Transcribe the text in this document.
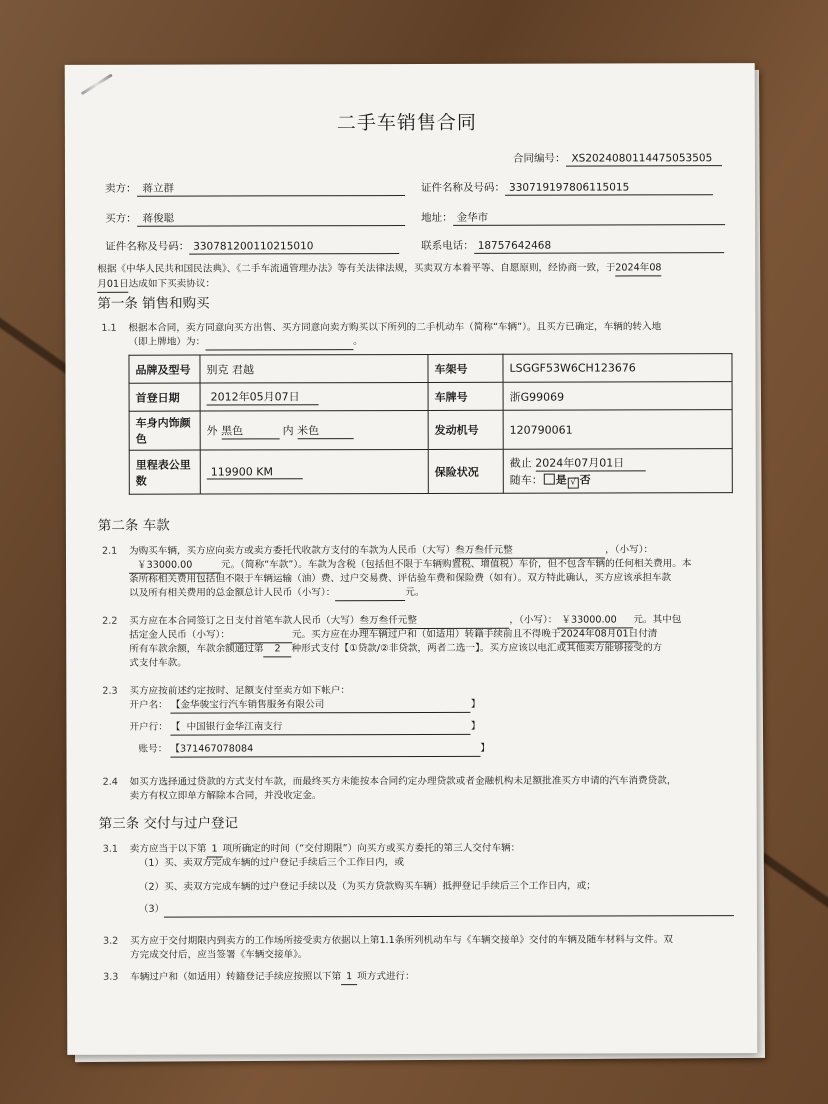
二手车销售合同
合同编号： XS2024080114475053505
卖方： 蒋立群	证件名称及号码： 330719197806115015
买方： 蒋俊聪	地址： 金华市
证件名称及号码： 330781200110215010	联系电话： 18757642468
根据《中华人民共和国民法典》、《二手车流通管理办法》等有关法律法规，买卖双方本着平等、自愿原则，经协商一致，于2024年08
月01日达成如下买卖协议：
第一条 销售和购买
1.1 根据本合同，卖方同意向买方出售、买方同意向卖方购买以下所列的二手机动车（简称“车辆”）。且买方已确定，车辆的转入地
（即上牌地）为：	。
品牌及型号	别克 君越	车架号	LSGGF53W6CH123676
首登日期	2012年05月07日	车牌号	浙G99069
车身内饰颜
色	外 黑色 内 米色	发动机号	120790061
里程表公里
数	119900 KM	保险状况	截止 2024年07月01日
随车： 是 √ 否
第二条 车款
2.1 为购买车辆，买方应向卖方或卖方委托代收款方支付的车款为人民币（大写）叁万叁仟元整	，（小写）：
￥33000.00	元。（简称“车款”）。车款为含税（包括但不限于车辆购置税、增值税）车价，但不包含车辆的任何相关费用。本
条所称相关费用包括但不限于车辆运输（油）费、过户交易费、评估验车费和保险费（如有）。双方特此确认，买方应该承担车款
以及所有相关费用的总金额总计人民币（小写）：	元。
2.2 买方应在本合同签订之日支付首笔车款人民币（大写）叁万叁仟元整	，（小写）： ￥33000.00 元。其中包
括定金人民币（小写）：	元。买方应在办理车辆过户和（如适用）转籍手续前且不得晚于2024年08月01日付清
所有车款余额，车款余额通过第 2 种形式支付【①贷款/②非贷款，两者二选一】。买方应该以电汇或其他卖方能够接受的方
式支付车款。
2.3 买方应按前述约定按时、足额支付至卖方如下帐户：
开户名： 【金华骏宝行汽车销售服务有限公司	】
开户行： 【 中国银行金华江南支行	】
账号： 【371467078084	】
2.4 如买方选择通过贷款的方式支付车款，而最终买方未能按本合同约定办理贷款或者金融机构未足额批准买方申请的汽车消费贷款，
卖方有权立即单方解除本合同，并没收定金。
第三条 交付与过户登记
3.1 卖方应当于以下第 1 项所确定的时间（“交付期限”）向买方或买方委托的第三人交付车辆：
（1）买、卖双方完成车辆的过户登记手续后三个工作日内，或
（2）买、卖双方完成车辆的过户登记手续以及（为买方贷款购买车辆）抵押登记手续后三个工作日内，或；
（3）
3.2 买方应于交付期限内到卖方的工作场所接受卖方依据以上第1.1条所列机动车与《车辆交接单》交付的车辆及随车材料与文件。双
方完成交付后，应当签署《车辆交接单》。
3.3 车辆过户和（如适用）转籍登记手续应按照以下第 1 项方式进行：
